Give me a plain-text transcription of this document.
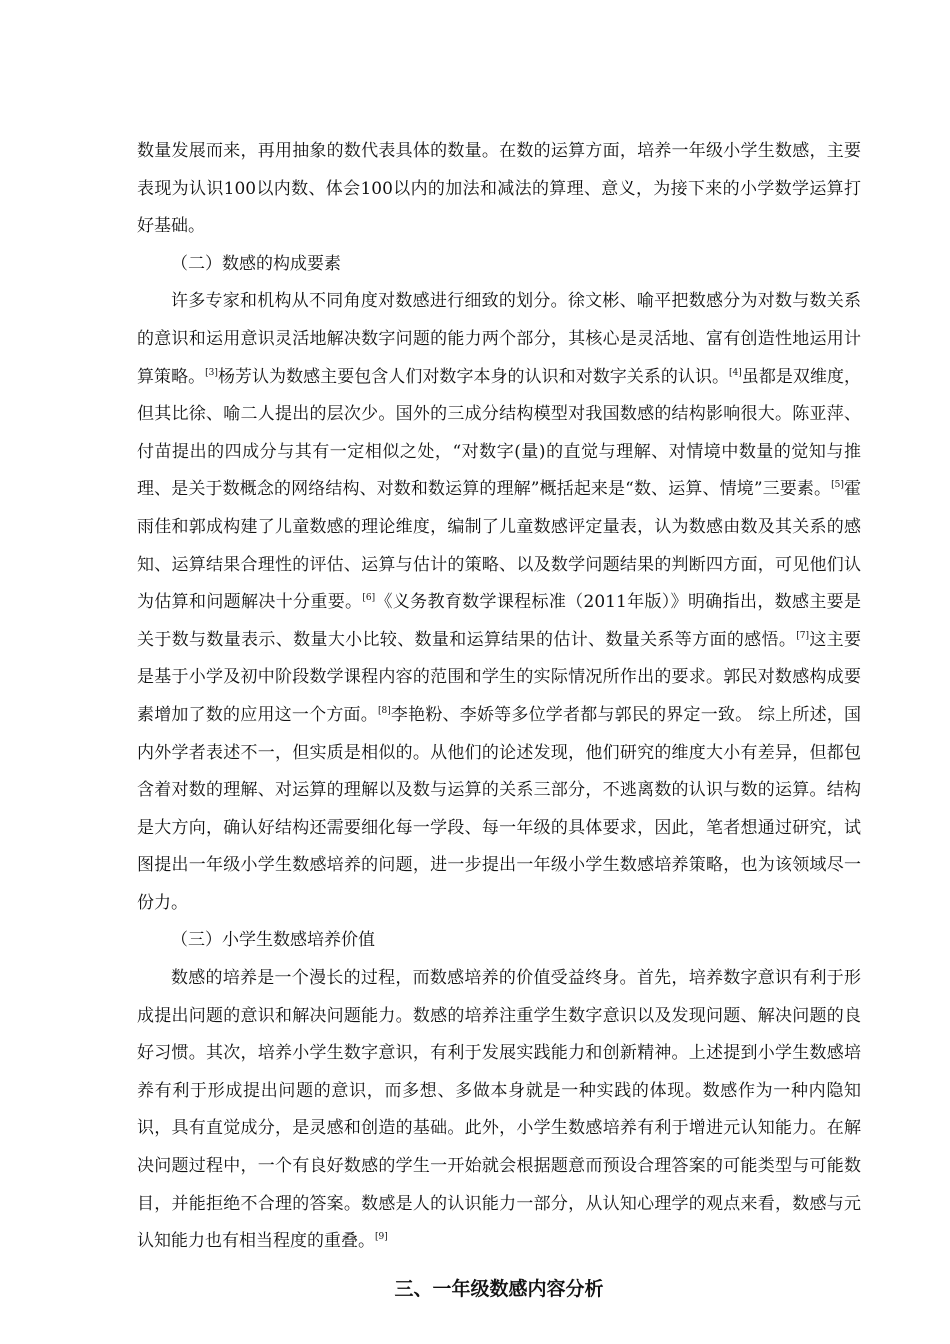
数量发展而来，再用抽象的数代表具体的数量。在数的运算方面，培养一年级小学生数感，主要表现为认识100以内数、体会100以内的加法和减法的算理、意义，为接下来的小学数学运算打好基础。

（二）数感的构成要素

许多专家和机构从不同角度对数感进行细致的划分。徐文彬、喻平把数感分为对数与数关系的意识和运用意识灵活地解决数字问题的能力两个部分，其核心是灵活地、富有创造性地运用计算策略。[3]杨芳认为数感主要包含人们对数字本身的认识和对数字关系的认识。[4]虽都是双维度，但其比徐、喻二人提出的层次少。国外的三成分结构模型对我国数感的结构影响很大。陈亚萍、付苗提出的四成分与其有一定相似之处，“对数字(量)的直觉与理解、对情境中数量的觉知与推理、是关于数概念的网络结构、对数和数运算的理解”概括起来是“数、运算、情境”三要素。[5]霍雨佳和郭成构建了儿童数感的理论维度，编制了儿童数感评定量表，认为数感由数及其关系的感知、运算结果合理性的评估、运算与估计的策略、以及数学问题结果的判断四方面，可见他们认为估算和问题解决十分重要。[6]《义务教育数学课程标准（2011年版）》明确指出，数感主要是关于数与数量表示、数量大小比较、数量和运算结果的估计、数量关系等方面的感悟。[7]这主要是基于小学及初中阶段数学课程内容的范围和学生的实际情况所作出的要求。郭民对数感构成要素增加了数的应用这一个方面。[8]李艳粉、李娇等多位学者都与郭民的界定一致。 综上所述，国内外学者表述不一，但实质是相似的。从他们的论述发现，他们研究的维度大小有差异，但都包含着对数的理解、对运算的理解以及数与运算的关系三部分，不逃离数的认识与数的运算。结构是大方向，确认好结构还需要细化每一学段、每一年级的具体要求，因此，笔者想通过研究，试图提出一年级小学生数感培养的问题，进一步提出一年级小学生数感培养策略，也为该领域尽一份力。

（三）小学生数感培养价值

数感的培养是一个漫长的过程，而数感培养的价值受益终身。首先，培养数字意识有利于形成提出问题的意识和解决问题能力。数感的培养注重学生数字意识以及发现问题、解决问题的良好习惯。其次，培养小学生数字意识，有利于发展实践能力和创新精神。上述提到小学生数感培养有利于形成提出问题的意识，而多想、多做本身就是一种实践的体现。数感作为一种内隐知识，具有直觉成分，是灵感和创造的基础。此外，小学生数感培养有利于增进元认知能力。在解决问题过程中，一个有良好数感的学生一开始就会根据题意而预设合理答案的可能类型与可能数目，并能拒绝不合理的答案。数感是人的认识能力一部分，从认知心理学的观点来看，数感与元认知能力也有相当程度的重叠。[9]

三、一年级数感内容分析
